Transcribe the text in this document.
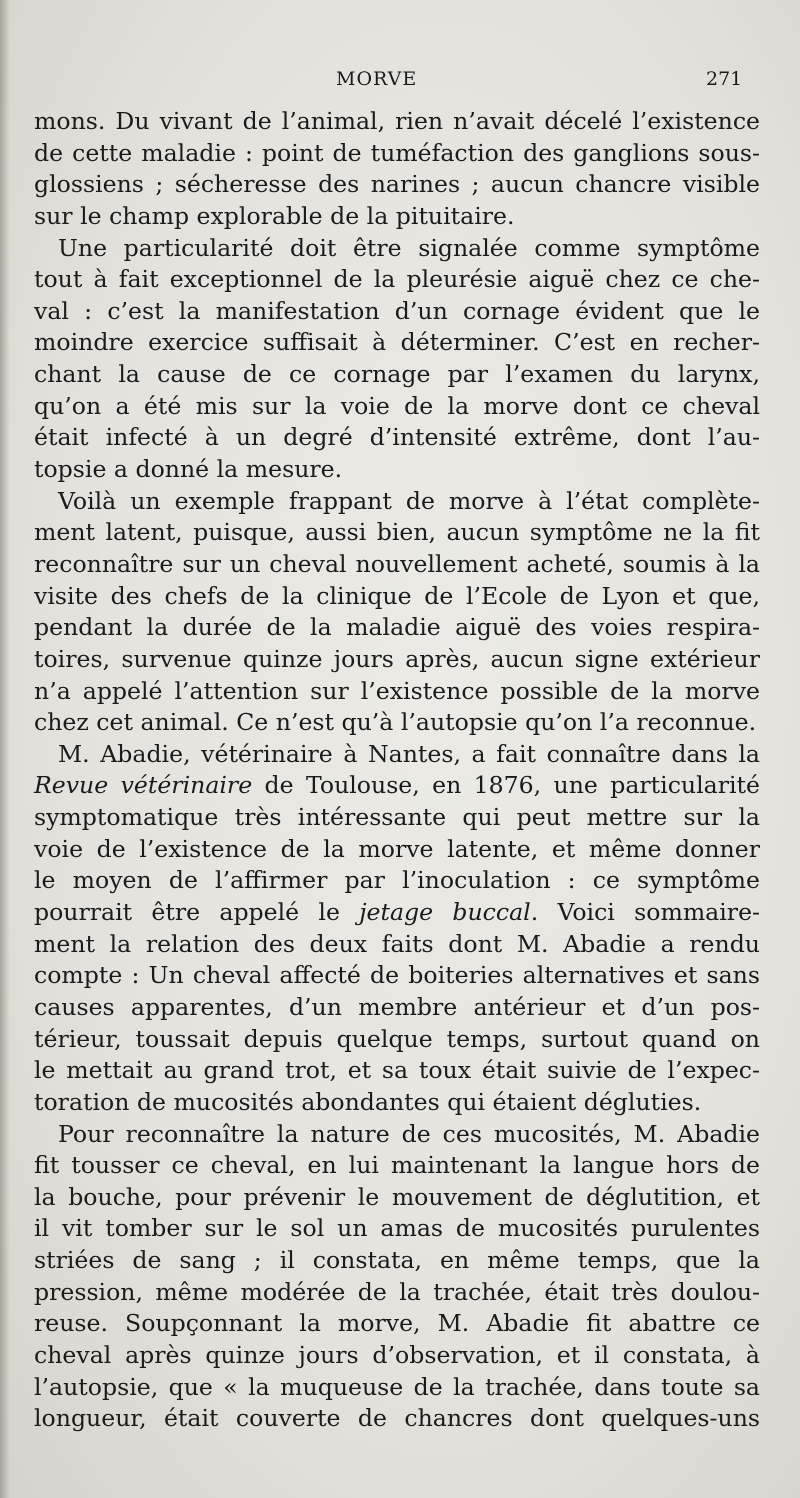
MORVE	271
mons. Du vivant de l’animal, rien n’avait décelé l’existence
de cette maladie : point de tuméfaction des ganglions sous-
glossiens ; sécheresse des narines ; aucun chancre visible
sur le champ explorable de la pituitaire.
Une particularité doit être signalée comme symptôme
tout à fait exceptionnel de la pleurésie aiguë chez ce che-
val : c’est la manifestation d’un cornage évident que le
moindre exercice suffisait à déterminer. C’est en recher-
chant la cause de ce cornage par l’examen du larynx,
qu’on a été mis sur la voie de la morve dont ce cheval
était infecté à un degré d’intensité extrême, dont l’au-
topsie a donné la mesure.
Voilà un exemple frappant de morve à l’état complète-
ment latent, puisque, aussi bien, aucun symptôme ne la fit
reconnaître sur un cheval nouvellement acheté, soumis à la
visite des chefs de la clinique de l’Ecole de Lyon et que,
pendant la durée de la maladie aiguë des voies respira-
toires, survenue quinze jours après, aucun signe extérieur
n’a appelé l’attention sur l’existence possible de la morve
chez cet animal. Ce n’est qu’à l’autopsie qu’on l’a reconnue.
M. Abadie, vétérinaire à Nantes, a fait connaître dans la
Revue vétérinaire de Toulouse, en 1876, une particularité
symptomatique très intéressante qui peut mettre sur la
voie de l’existence de la morve latente, et même donner
le moyen de l’affirmer par l’inoculation : ce symptôme
pourrait être appelé le jetage buccal. Voici sommaire-
ment la relation des deux faits dont M. Abadie a rendu
compte : Un cheval affecté de boiteries alternatives et sans
causes apparentes, d’un membre antérieur et d’un pos-
térieur, toussait depuis quelque temps, surtout quand on
le mettait au grand trot, et sa toux était suivie de l’expec-
toration de mucosités abondantes qui étaient dégluties.
Pour reconnaître la nature de ces mucosités, M. Abadie
fit tousser ce cheval, en lui maintenant la langue hors de
la bouche, pour prévenir le mouvement de déglutition, et
il vit tomber sur le sol un amas de mucosités purulentes
striées de sang ; il constata, en même temps, que la
pression, même modérée de la trachée, était très doulou-
reuse. Soupçonnant la morve, M. Abadie fit abattre ce
cheval après quinze jours d’observation, et il constata, à
l’autopsie, que « la muqueuse de la trachée, dans toute sa
longueur, était couverte de chancres dont quelques-uns
